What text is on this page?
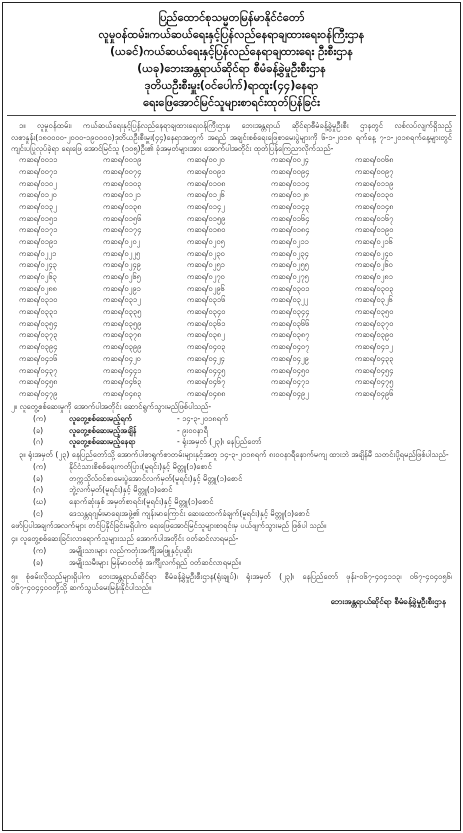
ပြည်ထောင်စုသမ္မတမြန်မာနိုင်ငံတော်
လူမှုဝန်ထမ်း၊ကယ်ဆယ်ရေးနှင့်ပြန်လည်နေရာချထားရေးဝန်ကြီးဌာန
(ယခင်)ကယ်ဆယ်ရေးနှင့်ပြန်လည်နေရာချထားရေး ဦးစီးဌာန
(ယခု)ဘေးအန္တရာယ်ဆိုင်ရာ စီမံခန့်ခွဲမှုဦးစီးဌာန
ဒုတိယဦးစီးမှူး(ဝင်ပေါက်)ရာထူး(၄၄)နေရာ
ရေးဖြေအောင်မြင်သူများစာရင်းထုတ်ပြန်ခြင်း

၁။ လူမှုဝန်ထမ်း၊ ကယ်ဆယ်ရေးနှင့်ပြန်လည်နေရာချထားရေးဝန်ကြီးဌာန၊ ဘေးအန္တရာယ် ဆိုင်ရာစီမံခန့်ခွဲမှုဦးစီး ဌာနတွင် လစ်လပ်လျက်ရှိသည့် လစာနှုန်း(၁၈၀၀၀၀-၂၀၀၀-၁၉၀၀၀၀)ဒုတိယဦးစီးမှူး(၄၄)နေရာအတွက် အရည် အချင်းစစ်ရေးဖြေစာမေးပွဲများကို ၆-၁-၂၀၁၈ ရက်နေ့ ၇-၁-၂၀၁၈ရက်နေ့များတွင် ကျင်းပပြုလုပ်ခဲ့ရာ ရေးဖြေ အောင်မြင်သူ (၁၀၅)ဦး၏ ခုံအမှတ်များအား အောက်ပါအတိုင်း ထုတ်ပြန်ကြေညာလိုက်သည်-

ကဆရ/၀၀၁၁	ကဆရ/၀၀၁၉	ကဆရ/၀၀၂၀	ကဆရ/၀၀၂၄	ကဆရ/၀၀၆၈
ကဆရ/၀၀၇၁	ကဆရ/၀၀၇၄	ကဆရ/၀၀၉၁	ကဆရ/၀၀၉၄	ကဆရ/၀၀၉၇
ကဆရ/၀၁၀၂	ကဆရ/၀၁၀၃	ကဆရ/၀၁၀၈	ကဆရ/၀၁၁၄	ကဆရ/၀၁၁၉
ကဆရ/၀၁၂၀	ကဆရ/၀၁၂၁	ကဆရ/၀၁၂၆	ကဆရ/၀၁၂၈	ကဆရ/၀၁၃၀
ကဆရ/၀၁၃၂	ကဆရ/၀၁၃၈	ကဆရ/၀၁၄၂	ကဆရ/၀၁၄၃	ကဆရ/၀၁၄၈
ကဆရ/၀၁၅၁	ကဆရ/၀၁၅၆	ကဆရ/၀၁၅၉	ကဆရ/၀၁၆၄	ကဆရ/၀၁၆၇
ကဆရ/၀၁၇၁	ကဆရ/၀၁၇၄	ကဆရ/၀၁၈၀	ကဆရ/၀၁၈၄	ကဆရ/၀၁၉၀
ကဆရ/၀၁၉၁	ကဆရ/၀၂၀၂	ကဆရ/၀၂၀၅	ကဆရ/၀၂၁၁	ကဆရ/၀၂၁၆
ကဆရ/၀၂၂၁	ကဆရ/၀၂၂၅	ကဆရ/၀၂၃၀	ကဆရ/၀၂၃၄	ကဆရ/၀၂၄၀
ကဆရ/၀၂၄၃	ကဆရ/၀၂၄၉	ကဆရ/၀၂၅၁	ကဆရ/၀၂၅၅	ကဆရ/၀၂၆၀
ကဆရ/၀၂၆၃	ကဆရ/၀၂၆၅	ကဆရ/၀၂၇၀	ကဆရ/၀၂၇၅	ကဆရ/၀၂၈၁
ကဆရ/၀၂၈၈	ကဆရ/၀၂၉၁	ကဆရ/၀၂၉၆	ကဆရ/၀၃၀၁	ကဆရ/၀၃၀၃
ကဆရ/၀၃၁၀	ကဆရ/၀၃၁၂	ကဆရ/၀၃၁၆	ကဆရ/၀၃၂၂	ကဆရ/၀၃၂၆
ကဆရ/၀၃၃၁	ကဆရ/၀၃၃၅	ကဆရ/၀၃၄၀	ကဆရ/၀၃၄၄	ကဆရ/၀၃၅၀
ကဆရ/၀၃၅၄	ကဆရ/၀၃၅၉	ကဆရ/၀၃၆၁	ကဆရ/၀၃၆၆	ကဆရ/၀၃၇၀
ကဆရ/၀၃၇၃	ကဆရ/၀၃၇၈	ကဆရ/၀၃၈၂	ကဆရ/၀၃၈၇	ကဆရ/၀၃၉၀
ကဆရ/၀၃၉၄	ကဆရ/၀၃၉၉	ကဆရ/၀၄၀၃	ကဆရ/၀၄၀၇	ကဆရ/၀၄၁၂
ကဆရ/၀၄၁၆	ကဆရ/၀၄၂၀	ကဆရ/၀၄၂၄	ကဆရ/၀၄၂၉	ကဆရ/၀၄၃၃
ကဆရ/၀၄၃၇	ကဆရ/၀၄၄၁	ကဆရ/၀၄၄၅	ကဆရ/၀၄၅၀	ကဆရ/၀၄၅၄
ကဆရ/၀၄၅၈	ကဆရ/၀၄၆၃	ကဆရ/၀၄၆၇	ကဆရ/၀၄၇၁	ကဆရ/၀၄၇၅
ကဆရ/၀၄၇၉	ကဆရ/၀၄၈၃	ကဆရ/၀၄၈၈	ကဆရ/၀၄၉၂	ကဆရ/၀၄၉၆

၂။ လူတွေ့စစ်ဆေးမှုကို အောက်ပါအတိုင်း ဆောင်ရွက်သွားမည်ဖြစ်ပါသည်-

(က)	လူတွေ့စစ်ဆေးမည့်ရက်	- ၁၄-၃-၂၀၁၈ရက်
(ခ)	လူတွေ့စစ်ဆေးမည့်အချိန်	- ၉း၀၀နာရီ
(ဂ)	လူတွေ့စစ်ဆေးမည့်နေရာ	- ရုံးအမှတ် (၂၃)၊ နေပြည်တော်

၃။ ရုံးအမှတ် (၂၃) နေပြည်တော်သို့ အောက်ပါစာရွက်စာတမ်းများနှင့်အတူ ၁၄-၃-၂၀၁၈ရက် ၈း၀၀နာရီနောက်မကျ ထားဘဲ အချိန်မီ သတင်းပို့ရမည်ဖြစ်ပါသည်-

(က)	နိုင်ငံသားစိစစ်ရေးကတ်ပြား(မူရင်း)နှင့် မိတ္တူ(၁)စောင်
(ခ)	တက္ကသိုလ်ဝင်စာမေးပွဲအောင်လက်မှတ်(မူရင်း)နှင့် မိတ္တူ(၁)စောင်
(ဂ)	ဘွဲ့လက်မှတ်(မူရင်း)နှင့် မိတ္တူ(၁)စောင်
(ဃ)	နောက်ဆုံးနှစ် အမှတ်စာရင်း(မူရင်း)နှင့် မိတ္တူ(၁)စောင်
(င)	ဒေသန္တရဂျမ်းမာရေးအဖွဲ့၏ ကျန်းမာကြောင်း ဆေးထောက်ခံချက်(မူရင်း)နှင့် မိတ္တူ(၁)စောင်

ဖော်ပြပါအချက်အလက်များ တင်ပြနိုင်ခြင်းမရှိပါက ရေးဖြေအောင်မြင်သူများစာရင်းမှ ပယ်ဖျက်သွားမည် ဖြစ်ပါ သည်။

၄။ လူတွေ့စစ်ဆေးခြင်းလာရောက်သူများသည် အောက်ပါအတိုင်း ဝတ်ဆင်လာရမည်-

(က)	အမျိုးသားများ လည်ကတုံးအင်္ကျီအဖြူနှင့်ပုဆိုး
(ခ)	အမျိုးသမီးများ မြန်မာဝတ်စုံ အင်္ကျီလက်ရှည် ဝတ်ဆင်လာရမည်။

၅။ စုံစမ်းလိုသည်များရှိပါက ဘေးအန္တရာယ်ဆိုင်ရာ စီမံခန့်ခွဲမှုဦးစီးဌာန(ရုံးချုပ်)၊ ရုံးအမှတ် (၂၃)၊ နေပြည်တော် ဖုန်း-၀၆၇-၄၀၄၁၁၃၊ ၀၆၇-၄၀၄၀၅၆၊ ၀၆၇-၄၀၄၄၀၀တို့သို့ ဆက်သွယ်မေးမြန်းနိုင်ပါသည်။

ဘေးအန္တရာယ်ဆိုင်ရာ စီမံခန့်ခွဲမှုဦးစီးဌာန
